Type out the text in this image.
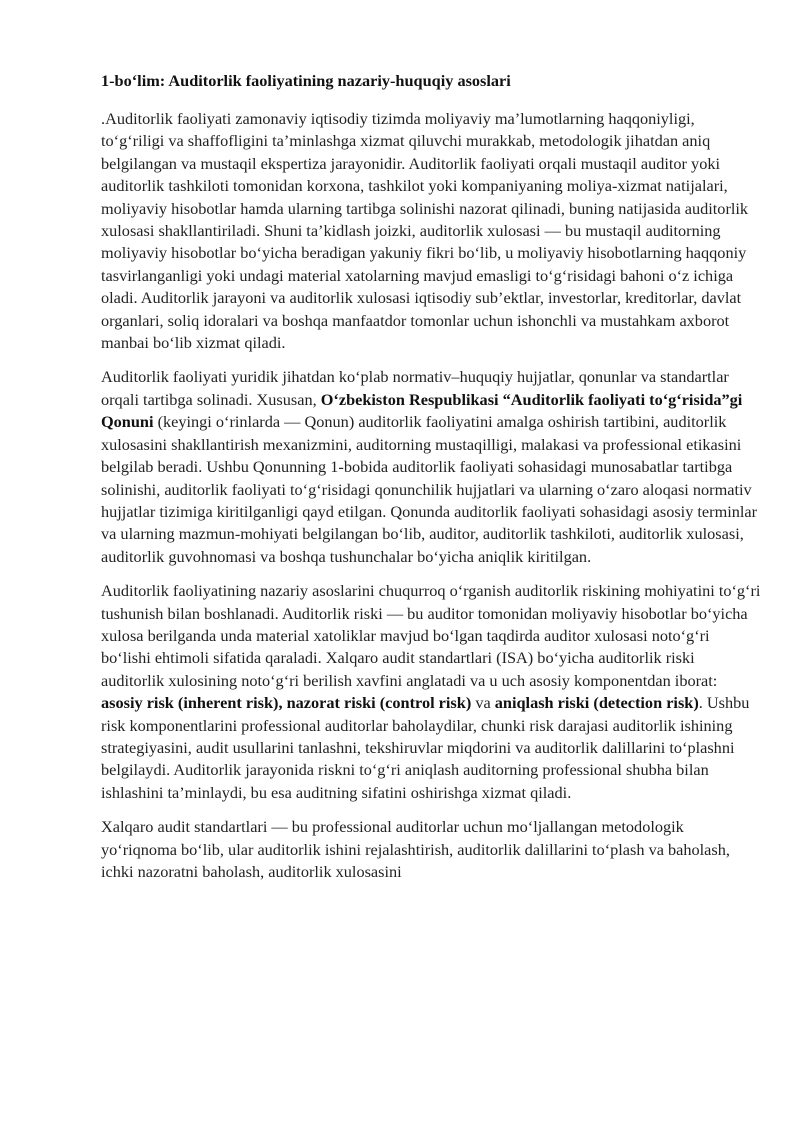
1-bo‘lim: Auditorlik faoliyatining nazariy-huquqiy asoslari

.Auditorlik faoliyati zamonaviy iqtisodiy tizimda moliyaviy ma’lumotlarning haqqoniyligi, to‘g‘riligi va shaffofligini ta’minlashga xizmat qiluvchi murakkab, metodologik jihatdan aniq belgilangan va mustaqil ekspertiza jarayonidir. Auditorlik faoliyati orqali mustaqil auditor yoki auditorlik tashkiloti tomonidan korxona, tashkilot yoki kompaniyaning moliya-xizmat natijalari, moliyaviy hisobotlar hamda ularning tartibga solinishi nazorat qilinadi, buning natijasida auditorlik xulosasi shakllantiriladi. Shuni ta’kidlash joizki, auditorlik xulosasi — bu mustaqil auditorning moliyaviy hisobotlar bo‘yicha beradigan yakuniy fikri bo‘lib, u moliyaviy hisobotlarning haqqoniy tasvirlanganligi yoki undagi material xatolarning mavjud emasligi to‘g‘risidagi bahoni o‘z ichiga oladi. Auditorlik jarayoni va auditorlik xulosasi iqtisodiy sub’ektlar, investorlar, kreditorlar, davlat organlari, soliq idoralari va boshqa manfaatdor tomonlar uchun ishonchli va mustahkam axborot manbai bo‘lib xizmat qiladi.

Auditorlik faoliyati yuridik jihatdan ko‘plab normativ–huquqiy hujjatlar, qonunlar va standartlar orqali tartibga solinadi. Xususan, O‘zbekiston Respublikasi “Auditorlik faoliyati to‘g‘risida”gi Qonuni (keyingi o‘rinlarda — Qonun) auditorlik faoliyatini amalga oshirish tartibini, auditorlik xulosasini shakllantirish mexanizmini, auditorning mustaqilligi, malakasi va professional etikasini belgilab beradi. Ushbu Qonunning 1-bobida auditorlik faoliyati sohasidagi munosabatlar tartibga solinishi, auditorlik faoliyati to‘g‘risidagi qonunchilik hujjatlari va ularning o‘zaro aloqasi normativ hujjatlar tizimiga kiritilganligi qayd etilgan. Qonunda auditorlik faoliyati sohasidagi asosiy terminlar va ularning mazmun-mohiyati belgilangan bo‘lib, auditor, auditorlik tashkiloti, auditorlik xulosasi, auditorlik guvohnomasi va boshqa tushunchalar bo‘yicha aniqlik kiritilgan.

Auditorlik faoliyatining nazariy asoslarini chuqurroq o‘rganish auditorlik riskining mohiyatini to‘g‘ri tushunish bilan boshlanadi. Auditorlik riski — bu auditor tomonidan moliyaviy hisobotlar bo‘yicha xulosa berilganda unda material xatoliklar mavjud bo‘lgan taqdirda auditor xulosasi noto‘g‘ri bo‘lishi ehtimoli sifatida qaraladi. Xalqaro audit standartlari (ISA) bo‘yicha auditorlik riski auditorlik xulosining noto‘g‘ri berilish xavfini anglatadi va u uch asosiy komponentdan iborat: asosiy risk (inherent risk), nazorat riski (control risk) va aniqlash riski (detection risk). Ushbu risk komponentlarini professional auditorlar baholaydilar, chunki risk darajasi auditorlik ishining strategiyasini, audit usullarini tanlashni, tekshiruvlar miqdorini va auditorlik dalillarini to‘plashni belgilaydi. Auditorlik jarayonida riskni to‘g‘ri aniqlash auditorning professional shubha bilan ishlashini ta’minlaydi, bu esa auditning sifatini oshirishga xizmat qiladi.

Xalqaro audit standartlari — bu professional auditorlar uchun mo‘ljallangan metodologik yo‘riqnoma bo‘lib, ular auditorlik ishini rejalashtirish, auditorlik dalillarini to‘plash va baholash, ichki nazoratni baholash, auditorlik xulosasini
